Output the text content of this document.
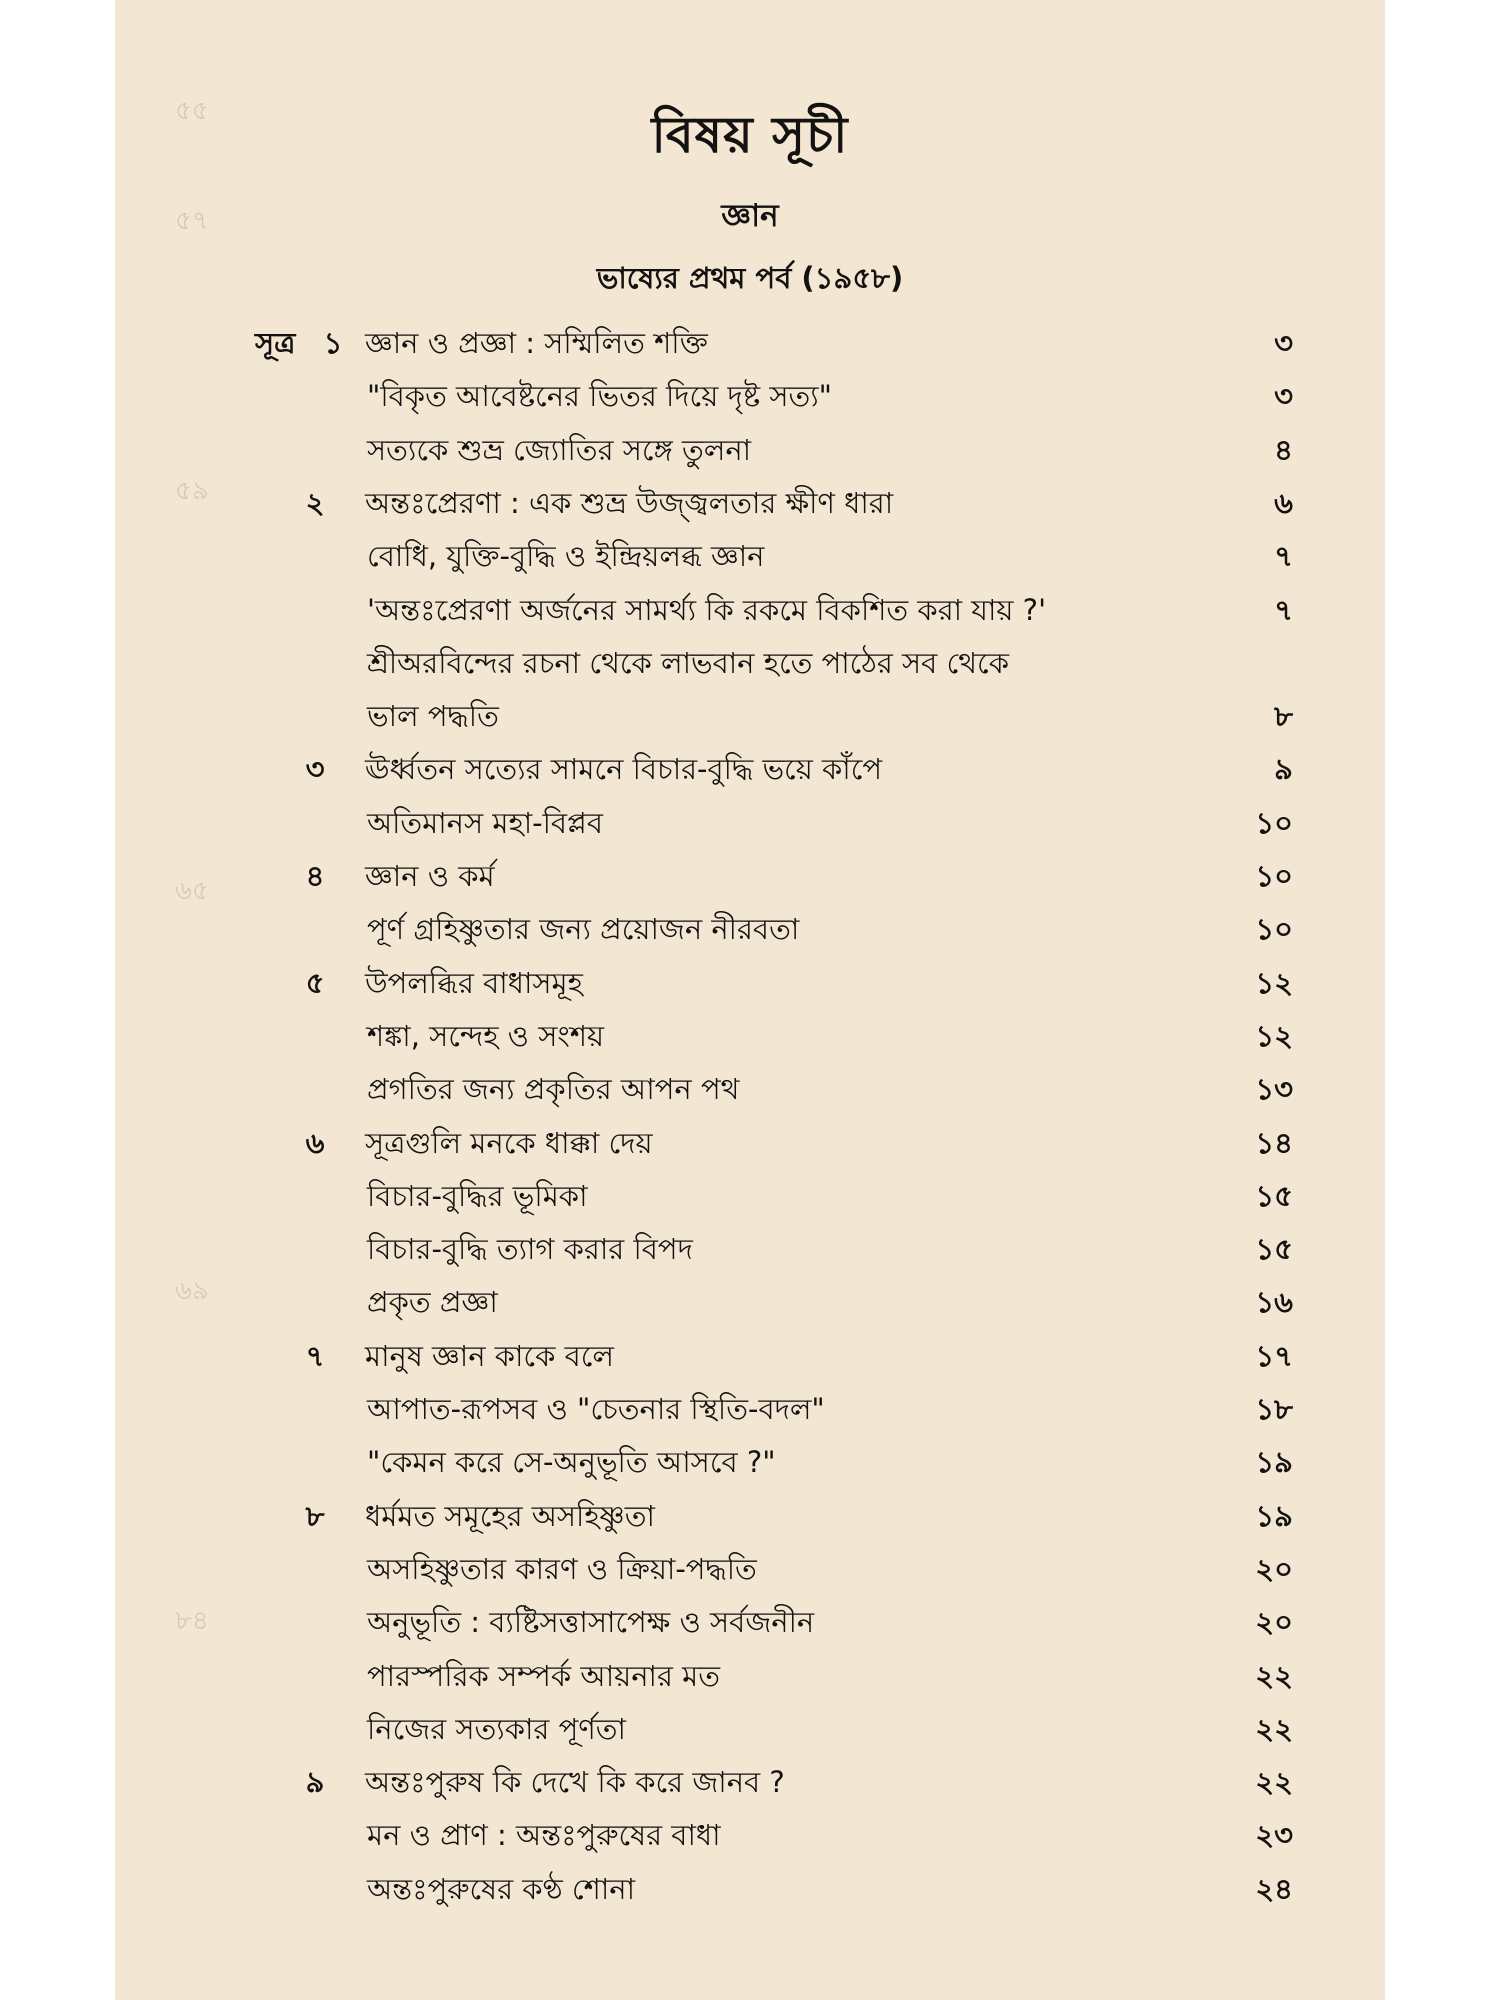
৫৫
৫৭
৫৯
৬৫
৬৯
৮৪
বিষয় সূচী
জ্ঞান
ভাষ্যের প্রথম পর্ব (১৯৫৮)
সূত্র ১ জ্ঞান ও প্রজ্ঞা : সম্মিলিত শক্তি	৩
"বিকৃত আবেষ্টনের ভিতর দিয়ে দৃষ্ট সত্য"	৩
সত্যকে শুভ্র জ্যোতির সঙ্গে তুলনা	৪
২	অন্তঃপ্রেরণা : এক শুভ্র উজ্জ্বলতার ক্ষীণ ধারা	৬
বোধি, যুক্তি-বুদ্ধি ও ইন্দ্রিয়লব্ধ জ্ঞান	৭
'অন্তঃপ্রেরণা অর্জনের সামর্থ্য কি রকমে বিকশিত করা যায় ?'	৭
শ্রীঅরবিন্দের রচনা থেকে লাভবান হতে পাঠের সব থেকে
ভাল পদ্ধতি	৮
৩	ঊর্ধ্বতন সত্যের সামনে বিচার-বুদ্ধি ভয়ে কাঁপে	৯
অতিমানস মহা-বিপ্লব	১০
৪	জ্ঞান ও কর্ম	১০
পূর্ণ গ্রহিষ্ণুতার জন্য প্রয়োজন নীরবতা	১০
৫	উপলব্ধির বাধাসমূহ	১২
শঙ্কা, সন্দেহ ও সংশয়	১২
প্রগতির জন্য প্রকৃতির আপন পথ	১৩
৬	সূত্রগুলি মনকে ধাক্কা দেয়	১৪
বিচার-বুদ্ধির ভূমিকা	১৫
বিচার-বুদ্ধি ত্যাগ করার বিপদ	১৫
প্রকৃত প্রজ্ঞা	১৬
৭	মানুষ জ্ঞান কাকে বলে	১৭
আপাত-রূপসব ও "চেতনার স্থিতি-বদল"	১৮
"কেমন করে সে-অনুভূতি আসবে ?"	১৯
৮	ধর্মমত সমূহের অসহিষ্ণুতা	১৯
অসহিষ্ণুতার কারণ ও ক্রিয়া-পদ্ধতি	২০
অনুভূতি : ব্যষ্টিসত্তাসাপেক্ষ ও সর্বজনীন	২০
পারস্পরিক সম্পর্ক আয়নার মত	২২
নিজের সত্যকার পূর্ণতা	২২
৯	অন্তঃপুরুষ কি দেখে কি করে জানব ?	২২
মন ও প্রাণ : অন্তঃপুরুষের বাধা	২৩
অন্তঃপুরুষের কণ্ঠ শোনা	২৪
